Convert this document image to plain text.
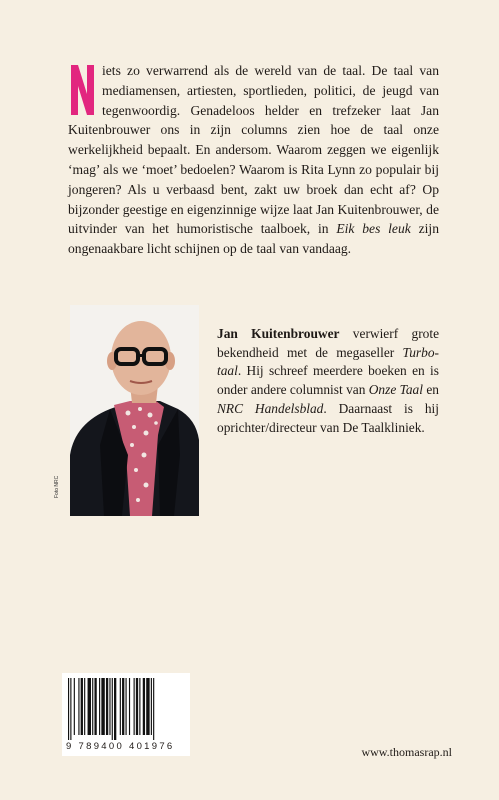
iets zo verwarrend als de wereld van de taal. De taal van mediamensen, artiesten, sportlieden, politici, de jeugd van tegenwoordig. Genadeloos helder en trefzeker laat Jan Kuitenbrouwer ons in zijn columns zien hoe de taal onze werkelijkheid bepaalt. En andersom. Waarom zeggen we eigenlijk ‘mag’ als we ‘moet’ bedoelen? Waarom is Rita Lynn zo populair bij jongeren? Als u verbaasd bent, zakt uw broek dan echt af? Op bijzonder geestige en eigenzinnige wijze laat Jan Kuitenbrouwer, de uitvinder van het humoristische taalboek, in Eik bes leuk zijn ongenaakbare licht schijnen op de taal van vandaag.
Foto NRC
Jan Kuitenbrouwer verwierf grote bekendheid met de megaseller Turbotaal. Hij schreef meerdere boeken en is onder andere columnist van Onze Taal en NRC Handelsblad. Daarnaast is hij oprichter/directeur van De Taalkliniek.
9 789400 401976	www.thomasrap.nl
